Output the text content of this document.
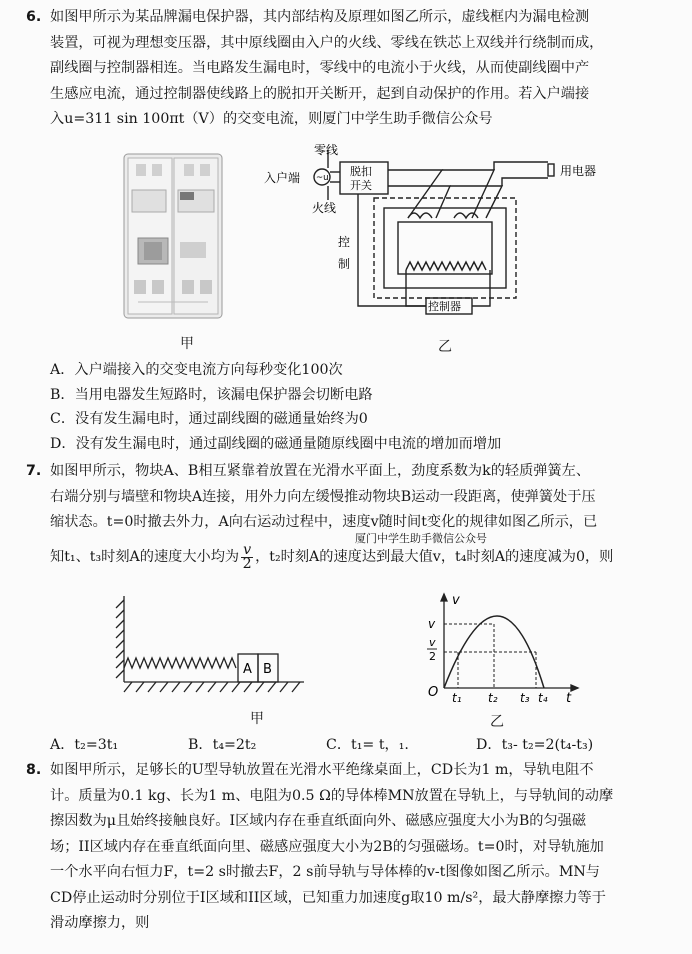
6. 如图甲所示为某品牌漏电保护器，其内部结构及原理如图乙所示，虚线框内为漏电检测
装置，可视为理想变压器，其中原线圈由入户的火线、零线在铁芯上双线并行绕制而成，
副线圈与控制器相连。当电路发生漏电时，零线中的电流小于火线，从而使副线圈中产
生感应电流，通过控制器使线路上的脱扣开关断开，起到自动保护的作用。若入户端接
入u=311 sin 100πt（V）的交变电流，则厦门中学生助手微信公众号
甲
零线
入户端 ~u 脱扣
开关
火线
用电器
控
制
控制器
乙
A．入户端接入的交变电流方向每秒变化100次
B．当用电器发生短路时，该漏电保护器会切断电路
C．没有发生漏电时，通过副线圈的磁通量始终为0
D．没有发生漏电时，通过副线圈的磁通量随原线圈中电流的增加而增加
7. 如图甲所示，物块A、B相互紧靠着放置在光滑水平面上，劲度系数为k的轻质弹簧左、
右端分别与墙壁和物块A连接，用外力向左缓慢推动物块B运动一段距离，使弹簧处于压
缩状态。t=0时撤去外力，A向右运动过程中，速度v随时间t变化的规律如图乙所示，已
厦门中学生助手微信公众号
知t₁、t₃时刻A的速度大小均为 $\frac{v}{2}$ ，t₂时刻A的速度达到最大值v，t₄时刻A的速度减为0，则
A B
甲
v
t
O
v
v
2
t₁ t₂ t₃ t₄
乙
A．t₂=3t₁	B．t₄=2t₂	C．t₁= t，₁.	D．t₃- t₂=2(t₄-t₃)
8. 如图甲所示，足够长的U型导轨放置在光滑水平绝缘桌面上，CD长为1 m，导轨电阻不
计。质量为0.1 kg、长为1 m、电阻为0.5 Ω的导体棒MN放置在导轨上，与导轨间的动摩
擦因数为μ且始终接触良好。I区域内存在垂直纸面向外、磁感应强度大小为B的匀强磁
场；II区域内存在垂直纸面向里、磁感应强度大小为2B的匀强磁场。t=0时，对导轨施加
一个水平向右恒力F，t=2 s时撤去F，2 s前导轨与导体棒的v-t图像如图乙所示。MN与
CD停止运动时分别位于I区域和II区域，已知重力加速度g取10 m/s²，最大静摩擦力等于
滑动摩擦力，则
